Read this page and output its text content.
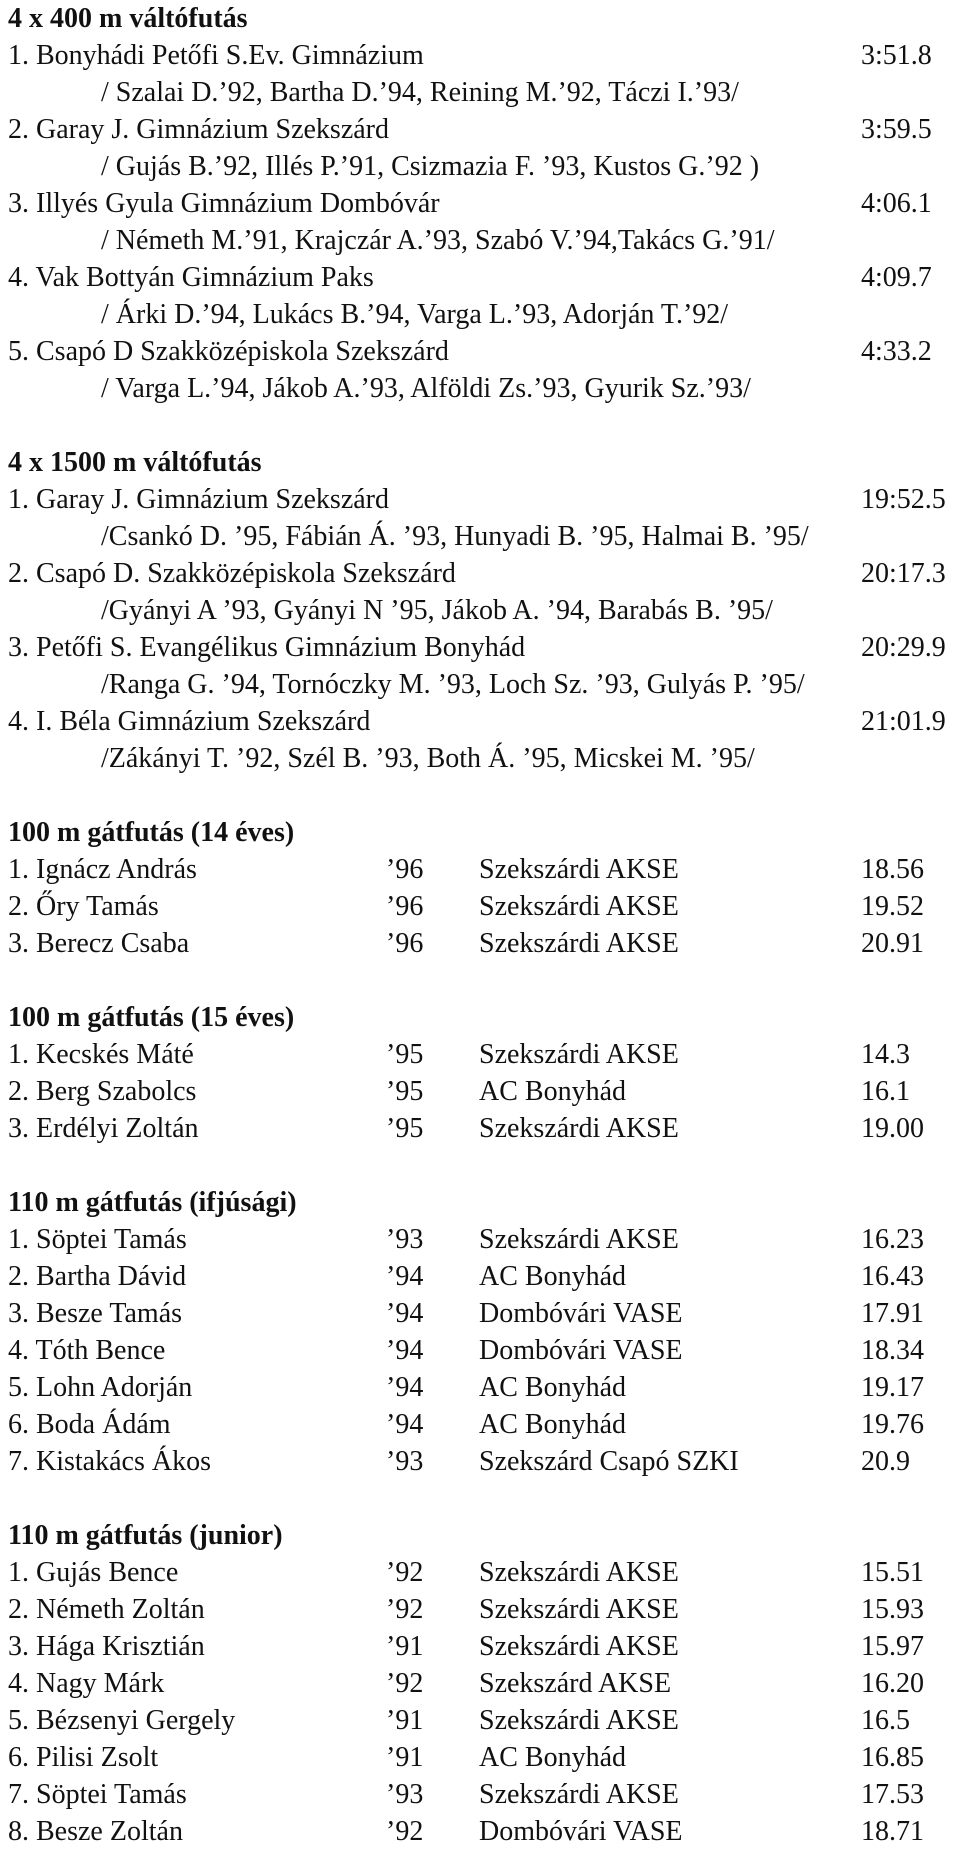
4 x 400 m váltófutás
1. Bonyhádi Petőfi S.Ev. Gimnázium	3:51.8
/ Szalai D.’92, Bartha D.’94, Reining M.’92, Táczi I.’93/
2. Garay J. Gimnázium Szekszárd	3:59.5
/ Gujás B.’92, Illés P.’91, Csizmazia F. ’93, Kustos G.’92 )
3. Illyés Gyula Gimnázium Dombóvár	4:06.1
/ Németh M.’91, Krajczár A.’93, Szabó V.’94,Takács G.’91/
4. Vak Bottyán Gimnázium Paks	4:09.7
/ Árki D.’94, Lukács B.’94, Varga L.’93, Adorján T.’92/
5. Csapó D Szakközépiskola Szekszárd	4:33.2
/ Varga L.’94, Jákob A.’93, Alföldi Zs.’93, Gyurik Sz.’93/
4 x 1500 m váltófutás
1. Garay J. Gimnázium Szekszárd	19:52.5
/Csankó D. ’95, Fábián Á. ’93, Hunyadi B. ’95, Halmai B. ’95/
2. Csapó D. Szakközépiskola Szekszárd	20:17.3
/Gyányi A ’93, Gyányi N ’95, Jákob A. ’94, Barabás B. ’95/
3. Petőfi S. Evangélikus Gimnázium Bonyhád	20:29.9
/Ranga G. ’94, Tornóczky M. ’93, Loch Sz. ’93, Gulyás P. ’95/
4. I. Béla Gimnázium Szekszárd	21:01.9
/Zákányi T. ’92, Szél B. ’93, Both Á. ’95, Micskei M. ’95/
100 m gátfutás (14 éves)
1. Ignácz András	’96 Szekszárdi AKSE	18.56
2. Őry Tamás	’96 Szekszárdi AKSE	19.52
3. Berecz Csaba	’96 Szekszárdi AKSE	20.91
100 m gátfutás (15 éves)
1. Kecskés Máté	’95 Szekszárdi AKSE	14.3
2. Berg Szabolcs	’95 AC Bonyhád	16.1
3. Erdélyi Zoltán	’95 Szekszárdi AKSE	19.00
110 m gátfutás (ifjúsági)
1. Söptei Tamás	’93 Szekszárdi AKSE	16.23
2. Bartha Dávid	’94 AC Bonyhád	16.43
3. Besze Tamás	’94 Dombóvári VASE	17.91
4. Tóth Bence	’94 Dombóvári VASE	18.34
5. Lohn Adorján	’94 AC Bonyhád	19.17
6. Boda Ádám	’94 AC Bonyhád	19.76
7. Kistakács Ákos	’93 Szekszárd Csapó SZKI	20.9
110 m gátfutás (junior)
1. Gujás Bence	’92 Szekszárdi AKSE	15.51
2. Németh Zoltán	’92 Szekszárdi AKSE	15.93
3. Hága Krisztián	’91 Szekszárdi AKSE	15.97
4. Nagy Márk	’92 Szekszárd AKSE	16.20
5. Bézsenyi Gergely	’91 Szekszárdi AKSE	16.5
6. Pilisi Zsolt	’91 AC Bonyhád	16.85
7. Söptei Tamás	’93 Szekszárdi AKSE	17.53
8. Besze Zoltán	’92 Dombóvári VASE	18.71
